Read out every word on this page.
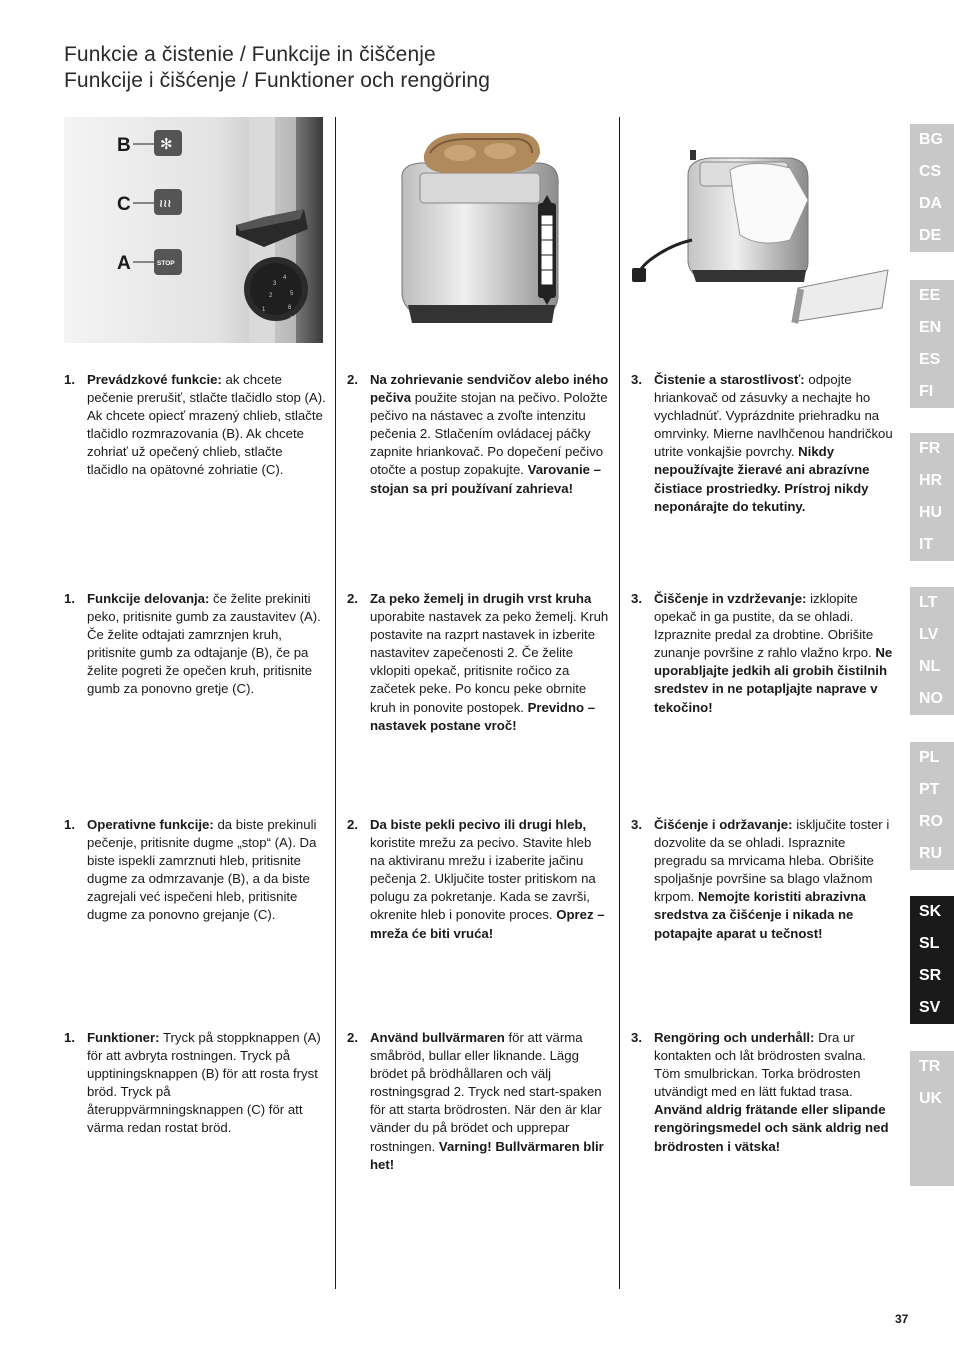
Funkcie a čistenie / Funkcije in čiščenje
Funkcije i čišćenje / Funktioner och rengöring
3
4
5
6
2
1
7
✻
≀≀≀
STOP
B
C
A
1. Prevádzkové funkcie: ak chcete pečenie prerušiť, stlačte tlačidlo stop (A). Ak chcete opiecť mrazený chlieb, stlačte tlačidlo rozmrazovania (B). Ak chcete zohriať už opečený chlieb, stlačte tlačidlo na opätovné zohriatie (C).
2. Na zohrievanie sendvičov alebo iného pečiva použite stojan na pečivo. Položte pečivo na nástavec a zvoľte intenzitu pečenia 2. Stlačením ovládacej páčky zapnite hriankovač. Po dopečení pečivo otočte a postup zopakujte. Varovanie – stojan sa pri používaní zahrieva!
3. Čistenie a starostlivosť: odpojte hriankovač od zásuvky a nechajte ho vychladnúť. Vyprázdnite priehradku na omrvinky. Mierne navlhčenou handričkou utrite vonkajšie povrchy. Nikdy nepoužívajte žieravé ani abrazívne čistiace prostriedky. Prístroj nikdy neponárajte do tekutiny.
1. Funkcije delovanja: če želite prekiniti peko, pritisnite gumb za zaustavitev (A). Če želite odtajati zamrznjen kruh, pritisnite gumb za odtajanje (B), če pa želite pogreti že opečen kruh, pritisnite gumb za ponovno gretje (C).
2. Za peko žemelj in drugih vrst kruha uporabite nastavek za peko žemelj. Kruh postavite na razprt nastavek in izberite nastavitev zapečenosti 2. Če želite vklopiti opekač, pritisnite ročico za začetek peke. Po koncu peke obrnite kruh in ponovite postopek. Previdno – nastavek postane vroč!
3. Čiščenje in vzdrževanje: izklopite opekač in ga pustite, da se ohladi. Izpraznite predal za drobtine. Obrišite zunanje površine z rahlo vlažno krpo. Ne uporabljajte jedkih ali grobih čistilnih sredstev in ne potapljajte naprave v tekočino!
1. Operativne funkcije: da biste prekinuli pečenje, pritisnite dugme „stop“ (A). Da biste ispekli zamrznuti hleb, pritisnite dugme za odmrzavanje (B), a da biste zagrejali već ispečeni hleb, pritisnite dugme za ponovno grejanje (C).
2. Da biste pekli pecivo ili drugi hleb, koristite mrežu za pecivo. Stavite hleb na aktiviranu mrežu i izaberite jačinu pečenja 2. Uključite toster pritiskom na polugu za pokretanje. Kada se završi, okrenite hleb i ponovite proces. Oprez – mreža će biti vruća!
3. Čišćenje i održavanje: isključite toster i dozvolite da se ohladi. Ispraznite pregradu sa mrvicama hleba. Obrišite spoljašnje površine sa blago vlažnom krpom. Nemojte koristiti abrazivna sredstva za čišćenje i nikada ne potapajte aparat u tečnost!
1. Funktioner: Tryck på stoppknappen (A) för att avbryta rostningen. Tryck på upptiningsknappen (B) för att rosta fryst bröd. Tryck på återuppvärmningsknappen (C) för att värma redan rostat bröd.
2. Använd bullvärmaren för att värma småbröd, bullar eller liknande. Lägg brödet på brödhållaren och välj rostningsgrad 2. Tryck ned start-spaken för att starta brödrosten. När den är klar vänder du på brödet och upprepar rostningen. Varning! Bullvärmaren blir het!
3. Rengöring och underhåll: Dra ur kontakten och låt brödrosten svalna. Töm smulbrickan. Torka brödrosten utvändigt med en lätt fuktad trasa. Använd aldrig frätande eller slipande rengöringsmedel och sänk aldrig ned brödrosten i vätska!
BG
CS
DA
DE
EE
EN
ES
FI
FR
HR
HU
IT
LT
LV
NL
NO
PL
PT
RO
RU
SK
SL
SR
SV
TR
UK
37
